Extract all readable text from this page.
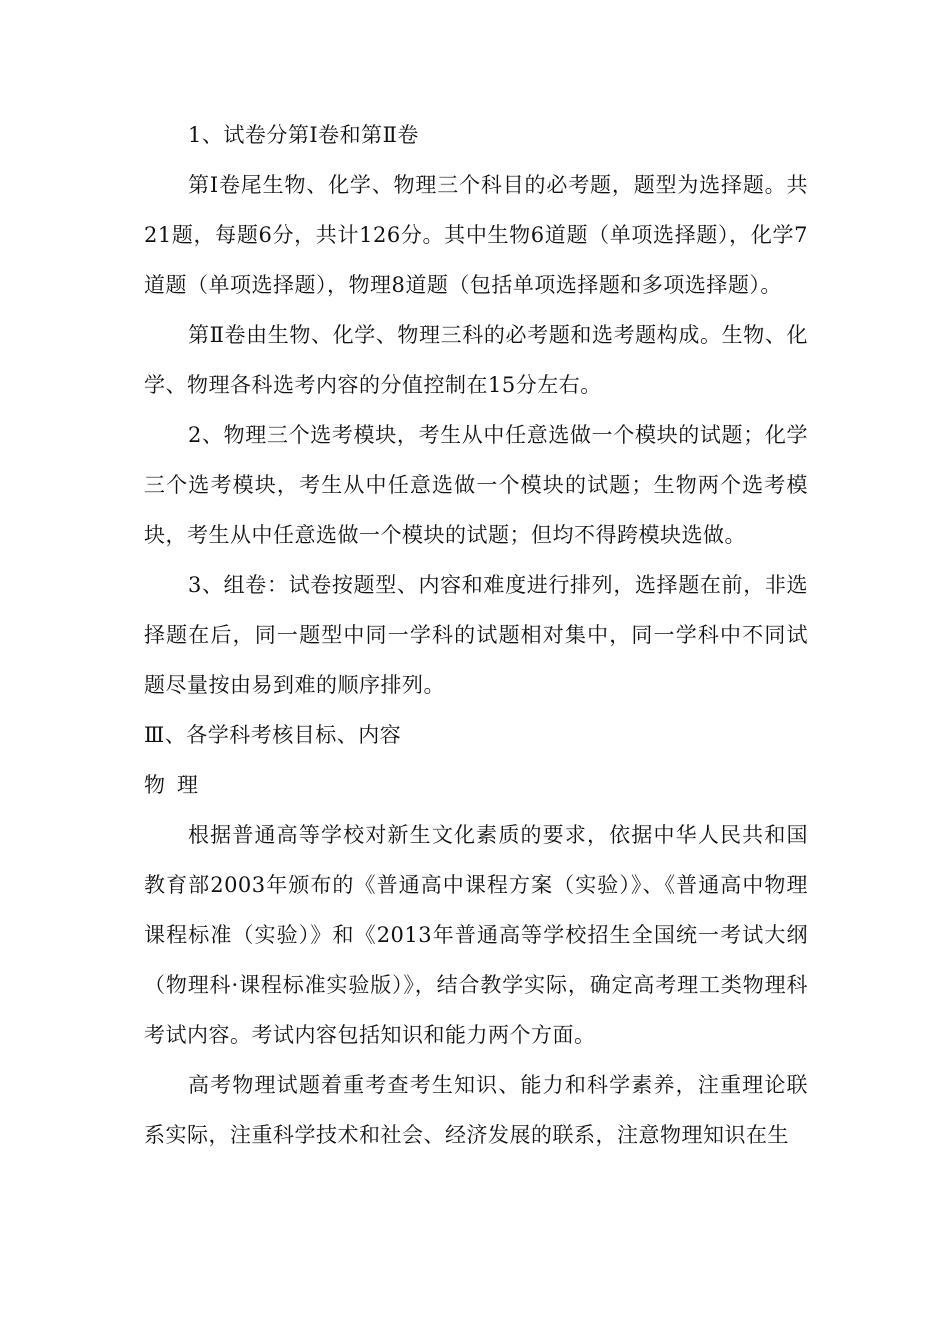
1、试卷分第Ⅰ卷和第Ⅱ卷

第Ⅰ卷尾生物、化学、物理三个科目的必考题，题型为选择题。共21题，每题6分，共计126分。其中生物6道题（单项选择题），化学7道题（单项选择题），物理8道题（包括单项选择题和多项选择题）。

第Ⅱ卷由生物、化学、物理三科的必考题和选考题构成。生物、化学、物理各科选考内容的分值控制在15分左右。

2、物理三个选考模块，考生从中任意选做一个模块的试题；化学三个选考模块，考生从中任意选做一个模块的试题；生物两个选考模块，考生从中任意选做一个模块的试题；但均不得跨模块选做。

3、组卷：试卷按题型、内容和难度进行排列，选择题在前，非选择题在后，同一题型中同一学科的试题相对集中，同一学科中不同试题尽量按由易到难的顺序排列。

Ⅲ、各学科考核目标、内容

物理

根据普通高等学校对新生文化素质的要求，依据中华人民共和国教育部2003年颁布的《普通高中课程方案（实验）》、《普通高中物理课程标准（实验）》和《2013年普通高等学校招生全国统一考试大纲（物理科·课程标准实验版）》，结合教学实际，确定高考理工类物理科考试内容。考试内容包括知识和能力两个方面。

高考物理试题着重考查考生知识、能力和科学素养，注重理论联系实际，注重科学技术和社会、经济发展的联系，注意物理知识在生
